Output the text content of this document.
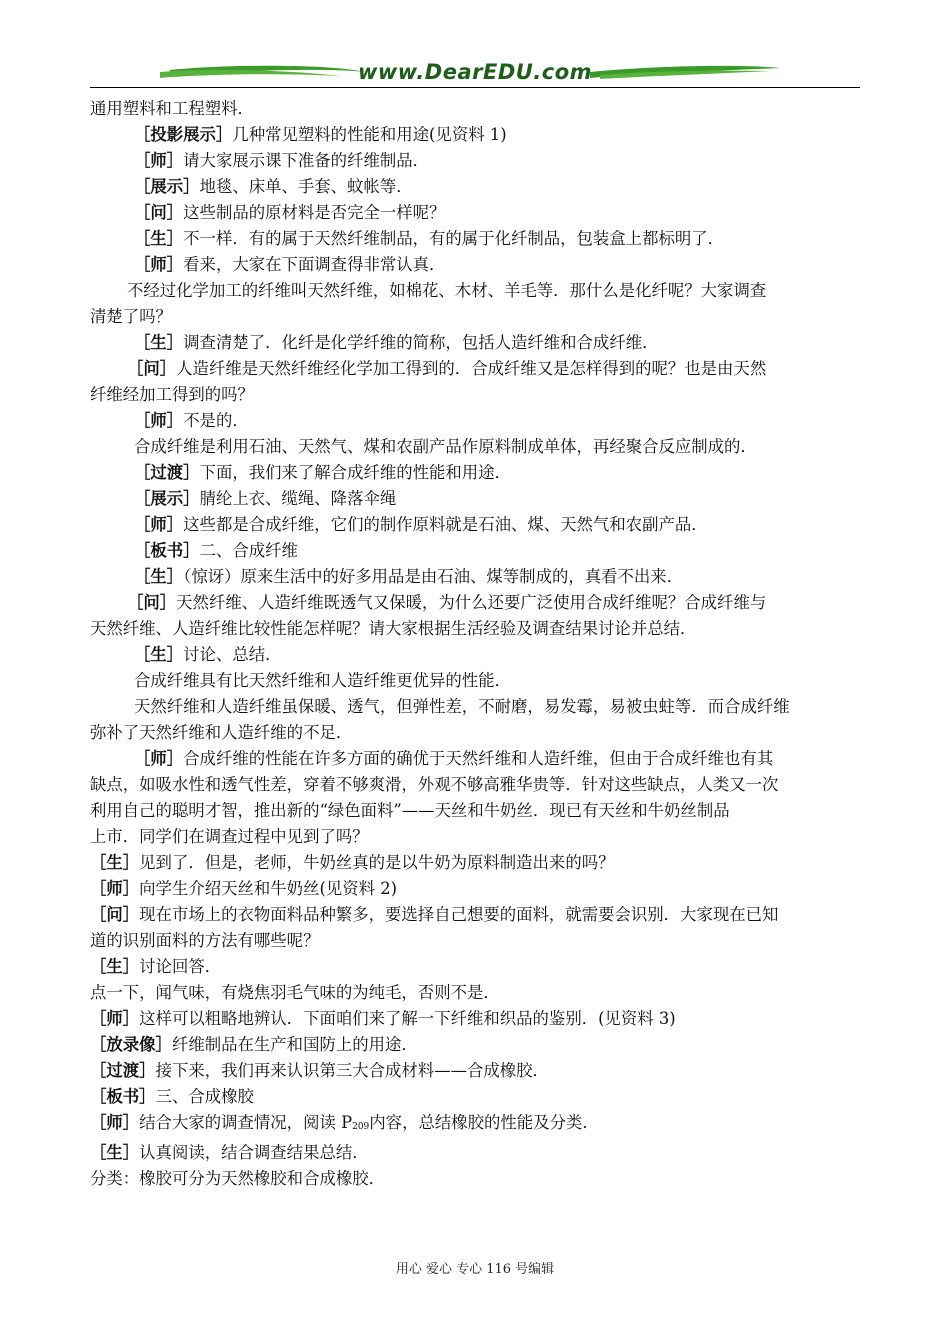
www.DearEDU.com

通用塑料和工程塑料．

［投影展示］几种常见塑料的性能和用途(见资料 1)

［师］请大家展示课下准备的纤维制品．

［展示］地毯、床单、手套、蚊帐等．

［问］这些制品的原材料是否完全一样呢？

［生］不一样．有的属于天然纤维制品，有的属于化纤制品，包装盒上都标明了．

［师］看来，大家在下面调查得非常认真．

不经过化学加工的纤维叫天然纤维，如棉花、木材、羊毛等．那什么是化纤呢？大家调查

清楚了吗？

［生］调查清楚了．化纤是化学纤维的简称，包括人造纤维和合成纤维．

［问］人造纤维是天然纤维经化学加工得到的．合成纤维又是怎样得到的呢？也是由天然

纤维经加工得到的吗？

［师］不是的．

合成纤维是利用石油、天然气、煤和农副产品作原料制成单体，再经聚合反应制成的．

［过渡］下面，我们来了解合成纤维的性能和用途．

［展示］腈纶上衣、缆绳、降落伞绳

［师］这些都是合成纤维，它们的制作原料就是石油、煤、天然气和农副产品．

［板书］二、合成纤维

［生］（惊讶）原来生活中的好多用品是由石油、煤等制成的，真看不出来．

［问］天然纤维、人造纤维既透气又保暖，为什么还要广泛使用合成纤维呢？合成纤维与

天然纤维、人造纤维比较性能怎样呢？请大家根据生活经验及调查结果讨论并总结．

［生］讨论、总结．

合成纤维具有比天然纤维和人造纤维更优异的性能．

天然纤维和人造纤维虽保暖、透气，但弹性差，不耐磨，易发霉，易被虫蛀等．而合成纤维

弥补了天然纤维和人造纤维的不足．

［师］合成纤维的性能在许多方面的确优于天然纤维和人造纤维，但由于合成纤维也有其

缺点，如吸水性和透气性差，穿着不够爽滑，外观不够高雅华贵等．针对这些缺点，人类又一次

利用自己的聪明才智，推出新的“绿色面料”——天丝和牛奶丝．现已有天丝和牛奶丝制品

上市．同学们在调查过程中见到了吗？

［生］见到了．但是，老师，牛奶丝真的是以牛奶为原料制造出来的吗？

［师］向学生介绍天丝和牛奶丝(见资料 2)

［问］现在市场上的衣物面料品种繁多，要选择自己想要的面料，就需要会识别．大家现在已知

道的识别面料的方法有哪些呢？

［生］讨论回答．

点一下，闻气味，有烧焦羽毛气味的为纯毛，否则不是．

［师］这样可以粗略地辨认．下面咱们来了解一下纤维和织品的鉴别．(见资料 3)

［放录像］纤维制品在生产和国防上的用途．

［过渡］接下来，我们再来认识第三大合成材料——合成橡胶．

［板书］三、合成橡胶

［师］结合大家的调查情况，阅读 $P_{209}$内容，总结橡胶的性能及分类．

［生］认真阅读，结合调查结果总结．

分类：橡胶可分为天然橡胶和合成橡胶．

用心 爱心 专心 116 号编辑
